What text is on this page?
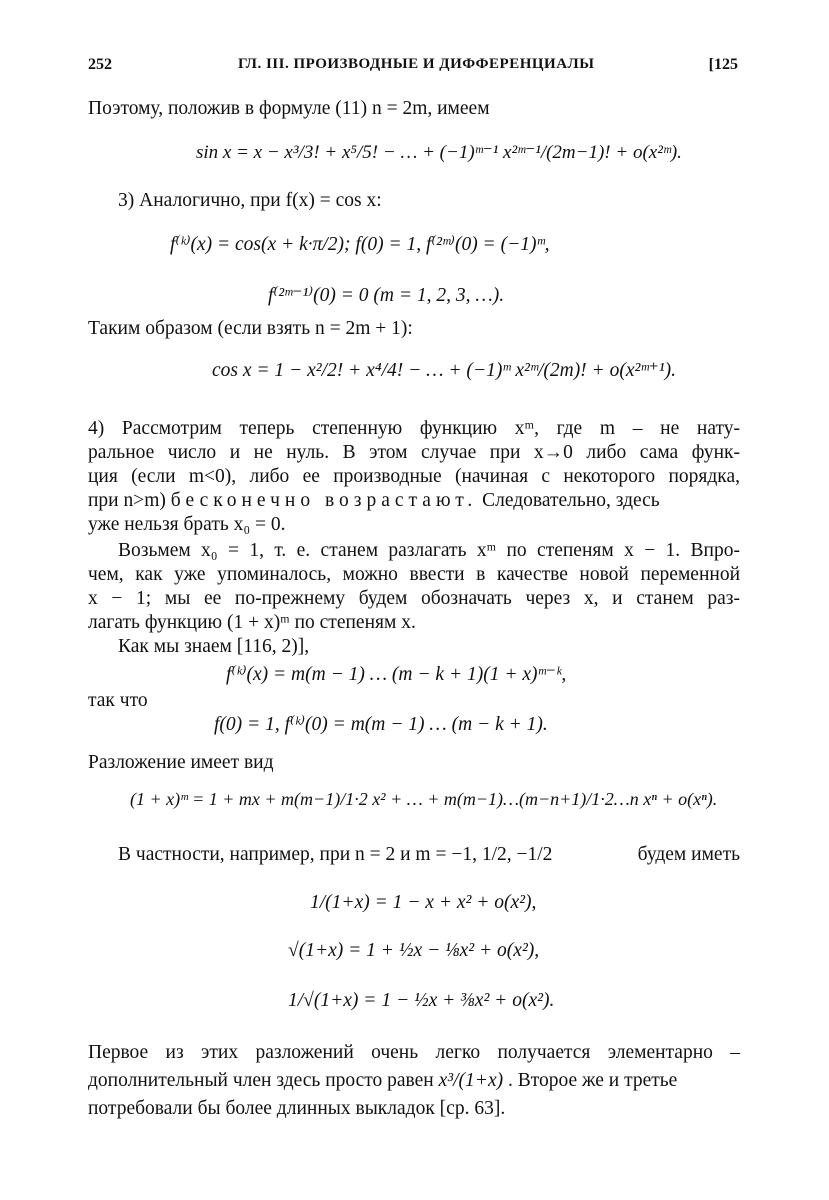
252	ГЛ. III. ПРОИЗВОДНЫЕ И ДИФФЕРЕНЦИАЛЫ	[125
Поэтому, положив в формуле (11) n = 2m, имеем
sin x = x − x³/3! + x⁵/5! − … + (−1)ᵐ⁻¹ x²ᵐ⁻¹/(2m−1)! + o(x²ᵐ).
3) Аналогично, при f(x) = cos x:
f⁽ᵏ⁾(x) = cos(x + k·π/2); f(0) = 1, f⁽²ᵐ⁾(0) = (−1)ᵐ,
f⁽²ᵐ⁻¹⁾(0) = 0 (m = 1, 2, 3, …).
Таким образом (если взять n = 2m + 1):
cos x = 1 − x²/2! + x⁴/4! − … + (−1)ᵐ x²ᵐ/(2m)! + o(x²ᵐ⁺¹).
4) Рассмотрим теперь степенную функцию xᵐ, где m – не нату-
ральное число и не нуль. В этом случае при x→0 либо сама функ-
ция (если m<0), либо ее производные (начиная с некоторого порядка,
при n>m) бесконечно возрастают. Следовательно, здесь
уже нельзя брать x₀ = 0.
Возьмем x₀ = 1, т. е. станем разлагать xᵐ по степеням x − 1. Впро-
чем, как уже упоминалось, можно ввести в качестве новой переменной
x − 1; мы ее по-прежнему будем обозначать через x, и станем раз-
лагать функцию (1 + x)ᵐ по степеням x.
Как мы знаем [116, 2)],
f⁽ᵏ⁾(x) = m(m − 1) … (m − k + 1)(1 + x)ᵐ⁻ᵏ,
так что
f(0) = 1, f⁽ᵏ⁾(0) = m(m − 1) … (m − k + 1).
Разложение имеет вид
(1 + x)ᵐ = 1 + mx + m(m−1)/1·2 x² + … + m(m−1)…(m−n+1)/1·2…n xⁿ + o(xⁿ).
В частности, например, при n = 2 и m = −1, 1/2, −1/2	будем иметь
1/(1+x) = 1 − x + x² + o(x²),
√(1+x) = 1 + ½x − ⅛x² + o(x²),
1/√(1+x) = 1 − ½x + ⅜x² + o(x²).
Первое из этих разложений очень легко получается элементарно –
дополнительный член здесь просто равен x³/(1+x) . Второе же и третье
потребовали бы более длинных выкладок [ср. 63].
